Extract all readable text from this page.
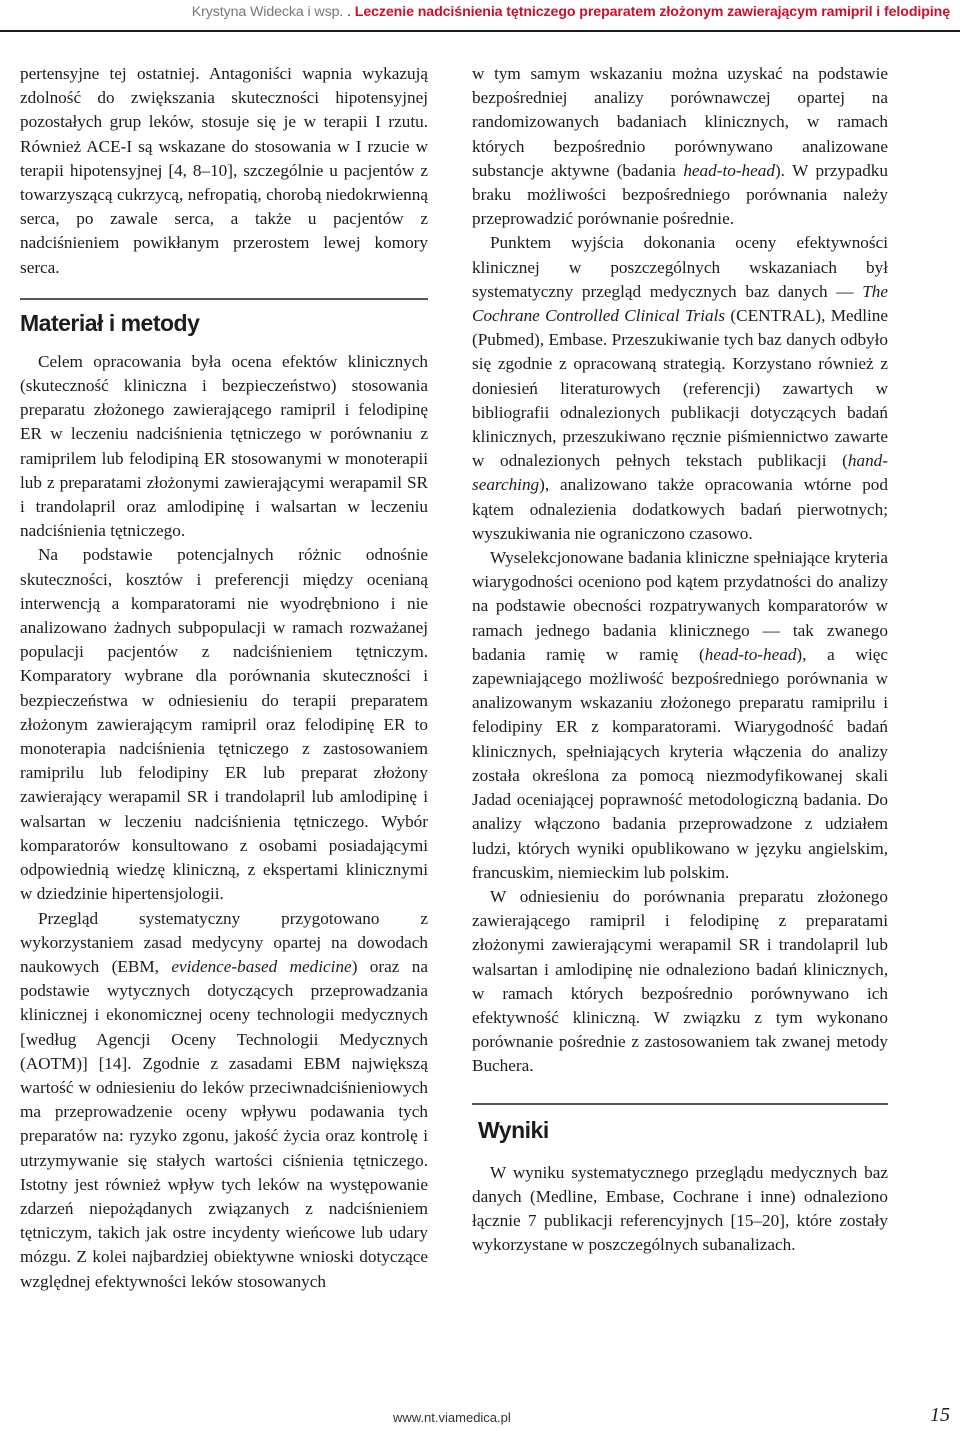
Krystyna Widecka i wsp. . Leczenie nadciśnienia tętniczego preparatem złożonym zawierającym ramipril i felodipinę

pertensyjne tej ostatniej. Antagoniści wapnia wykazują zdolność do zwiększania skuteczności hipotensyjnej pozostałych grup leków, stosuje się je w terapii I rzutu. Również ACE-I są wskazane do stosowania w I rzucie w terapii hipotensyjnej [4, 8–10], szczególnie u pacjentów z towarzyszącą cukrzycą, nefropatią, chorobą niedokrwienną serca, po zawale serca, a także u pacjentów z nadciśnieniem powikłanym przerostem lewej komory serca.

Materiał i metody

Celem opracowania była ocena efektów klinicznych (skuteczność kliniczna i bezpieczeństwo) stosowania preparatu złożonego zawierającego ramipril i felodipinę ER w leczeniu nadciśnienia tętniczego w porównaniu z ramiprilem lub felodipiną ER stosowanymi w monoterapii lub z preparatami złożonymi zawierającymi werapamil SR i trandolapril oraz amlodipinę i walsartan w leczeniu nadciśnienia tętniczego.

Na podstawie potencjalnych różnic odnośnie skuteczności, kosztów i preferencji między ocenianą interwencją a komparatorami nie wyodrębniono i nie analizowano żadnych subpopulacji w ramach rozważanej populacji pacjentów z nadciśnieniem tętniczym. Komparatory wybrane dla porównania skuteczności i bezpieczeństwa w odniesieniu do terapii preparatem złożonym zawierającym ramipril oraz felodipinę ER to monoterapia nadciśnienia tętniczego z zastosowaniem ramiprilu lub felodipiny ER lub preparat złożony zawierający werapamil SR i trandolapril lub amlodipinę i walsartan w leczeniu nadciśnienia tętniczego. Wybór komparatorów konsultowano z osobami posiadającymi odpowiednią wiedzę kliniczną, z ekspertami klinicznymi w dziedzinie hipertensjologii.

Przegląd systematyczny przygotowano z wykorzystaniem zasad medycyny opartej na dowodach naukowych (EBM, evidence-based medicine) oraz na podstawie wytycznych dotyczących przeprowadzania klinicznej i ekonomicznej oceny technologii medycznych [według Agencji Oceny Technologii Medycznych (AOTM)] [14]. Zgodnie z zasadami EBM największą wartość w odniesieniu do leków przeciwnadciśnieniowych ma przeprowadzenie oceny wpływu podawania tych preparatów na: ryzyko zgonu, jakość życia oraz kontrolę i utrzymywanie się stałych wartości ciśnienia tętniczego. Istotny jest również wpływ tych leków na występowanie zdarzeń niepożądanych związanych z nadciśnieniem tętniczym, takich jak ostre incydenty wieńcowe lub udary mózgu. Z kolei najbardziej obiektywne wnioski dotyczące względnej efektywności leków stosowanych

w tym samym wskazaniu można uzyskać na podstawie bezpośredniej analizy porównawczej opartej na randomizowanych badaniach klinicznych, w ramach których bezpośrednio porównywano analizowane substancje aktywne (badania head-to-head). W przypadku braku możliwości bezpośredniego porównania należy przeprowadzić porównanie pośrednie.

Punktem wyjścia dokonania oceny efektywności klinicznej w poszczególnych wskazaniach był systematyczny przegląd medycznych baz danych — The Cochrane Controlled Clinical Trials (CENTRAL), Medline (Pubmed), Embase. Przeszukiwanie tych baz danych odbyło się zgodnie z opracowaną strategią. Korzystano również z doniesień literaturowych (referencji) zawartych w bibliografii odnalezionych publikacji dotyczących badań klinicznych, przeszukiwano ręcznie piśmiennictwo zawarte w odnalezionych pełnych tekstach publikacji (hand-searching), analizowano także opracowania wtórne pod kątem odnalezienia dodatkowych badań pierwotnych; wyszukiwania nie ograniczono czasowo.

Wyselekcjonowane badania kliniczne spełniające kryteria wiarygodności oceniono pod kątem przydatności do analizy na podstawie obecności rozpatrywanych komparatorów w ramach jednego badania klinicznego — tak zwanego badania ramię w ramię (head-to-head), a więc zapewniającego możliwość bezpośredniego porównania w analizowanym wskazaniu złożonego preparatu ramiprilu i felodipiny ER z komparatorami. Wiarygodność badań klinicznych, spełniających kryteria włączenia do analizy została określona za pomocą niezmodyfikowanej skali Jadad oceniającej poprawność metodologiczną badania. Do analizy włączono badania przeprowadzone z udziałem ludzi, których wyniki opublikowano w języku angielskim, francuskim, niemieckim lub polskim.

W odniesieniu do porównania preparatu złożonego zawierającego ramipril i felodipinę z preparatami złożonymi zawierającymi werapamil SR i trandolapril lub walsartan i amlodipinę nie odnaleziono badań klinicznych, w ramach których bezpośrednio porównywano ich efektywność kliniczną. W związku z tym wykonano porównanie pośrednie z zastosowaniem tak zwanej metody Buchera.

Wyniki

W wyniku systematycznego przeglądu medycznych baz danych (Medline, Embase, Cochrane i inne) odnaleziono łącznie 7 publikacji referencyjnych [15–20], które zostały wykorzystane w poszczególnych subanalizach.

www.nt.viamedica.pl	15
